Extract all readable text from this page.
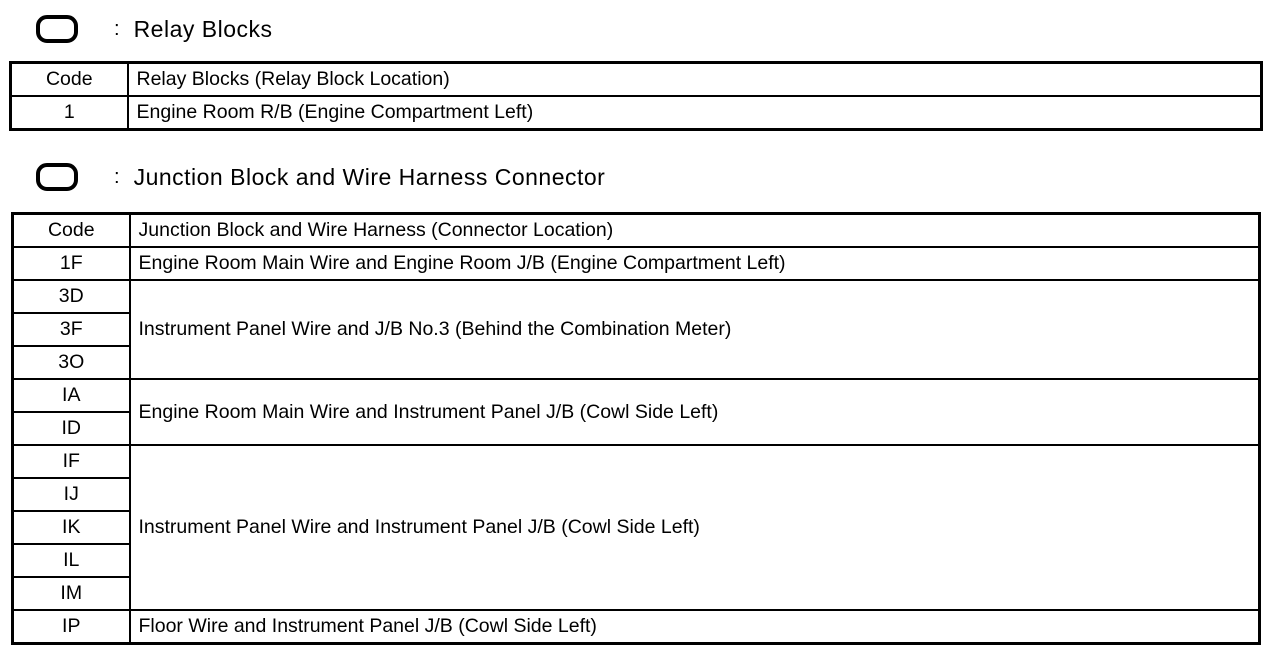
: Relay Blocks
Code	Relay Blocks (Relay Block Location)
1	Engine Room R/B (Engine Compartment Left)
: Junction Block and Wire Harness Connector
Code	Junction Block and Wire Harness (Connector Location)
1F	Engine Room Main Wire and Engine Room J/B (Engine Compartment Left)
3D	Instrument Panel Wire and J/B No.3 (Behind the Combination Meter)
3F	
3O	
IA	Engine Room Main Wire and Instrument Panel J/B (Cowl Side Left)
ID	
IF	Instrument Panel Wire and Instrument Panel J/B (Cowl Side Left)
IJ	
IK	
IL	
IM	
IP	Floor Wire and Instrument Panel J/B (Cowl Side Left)
